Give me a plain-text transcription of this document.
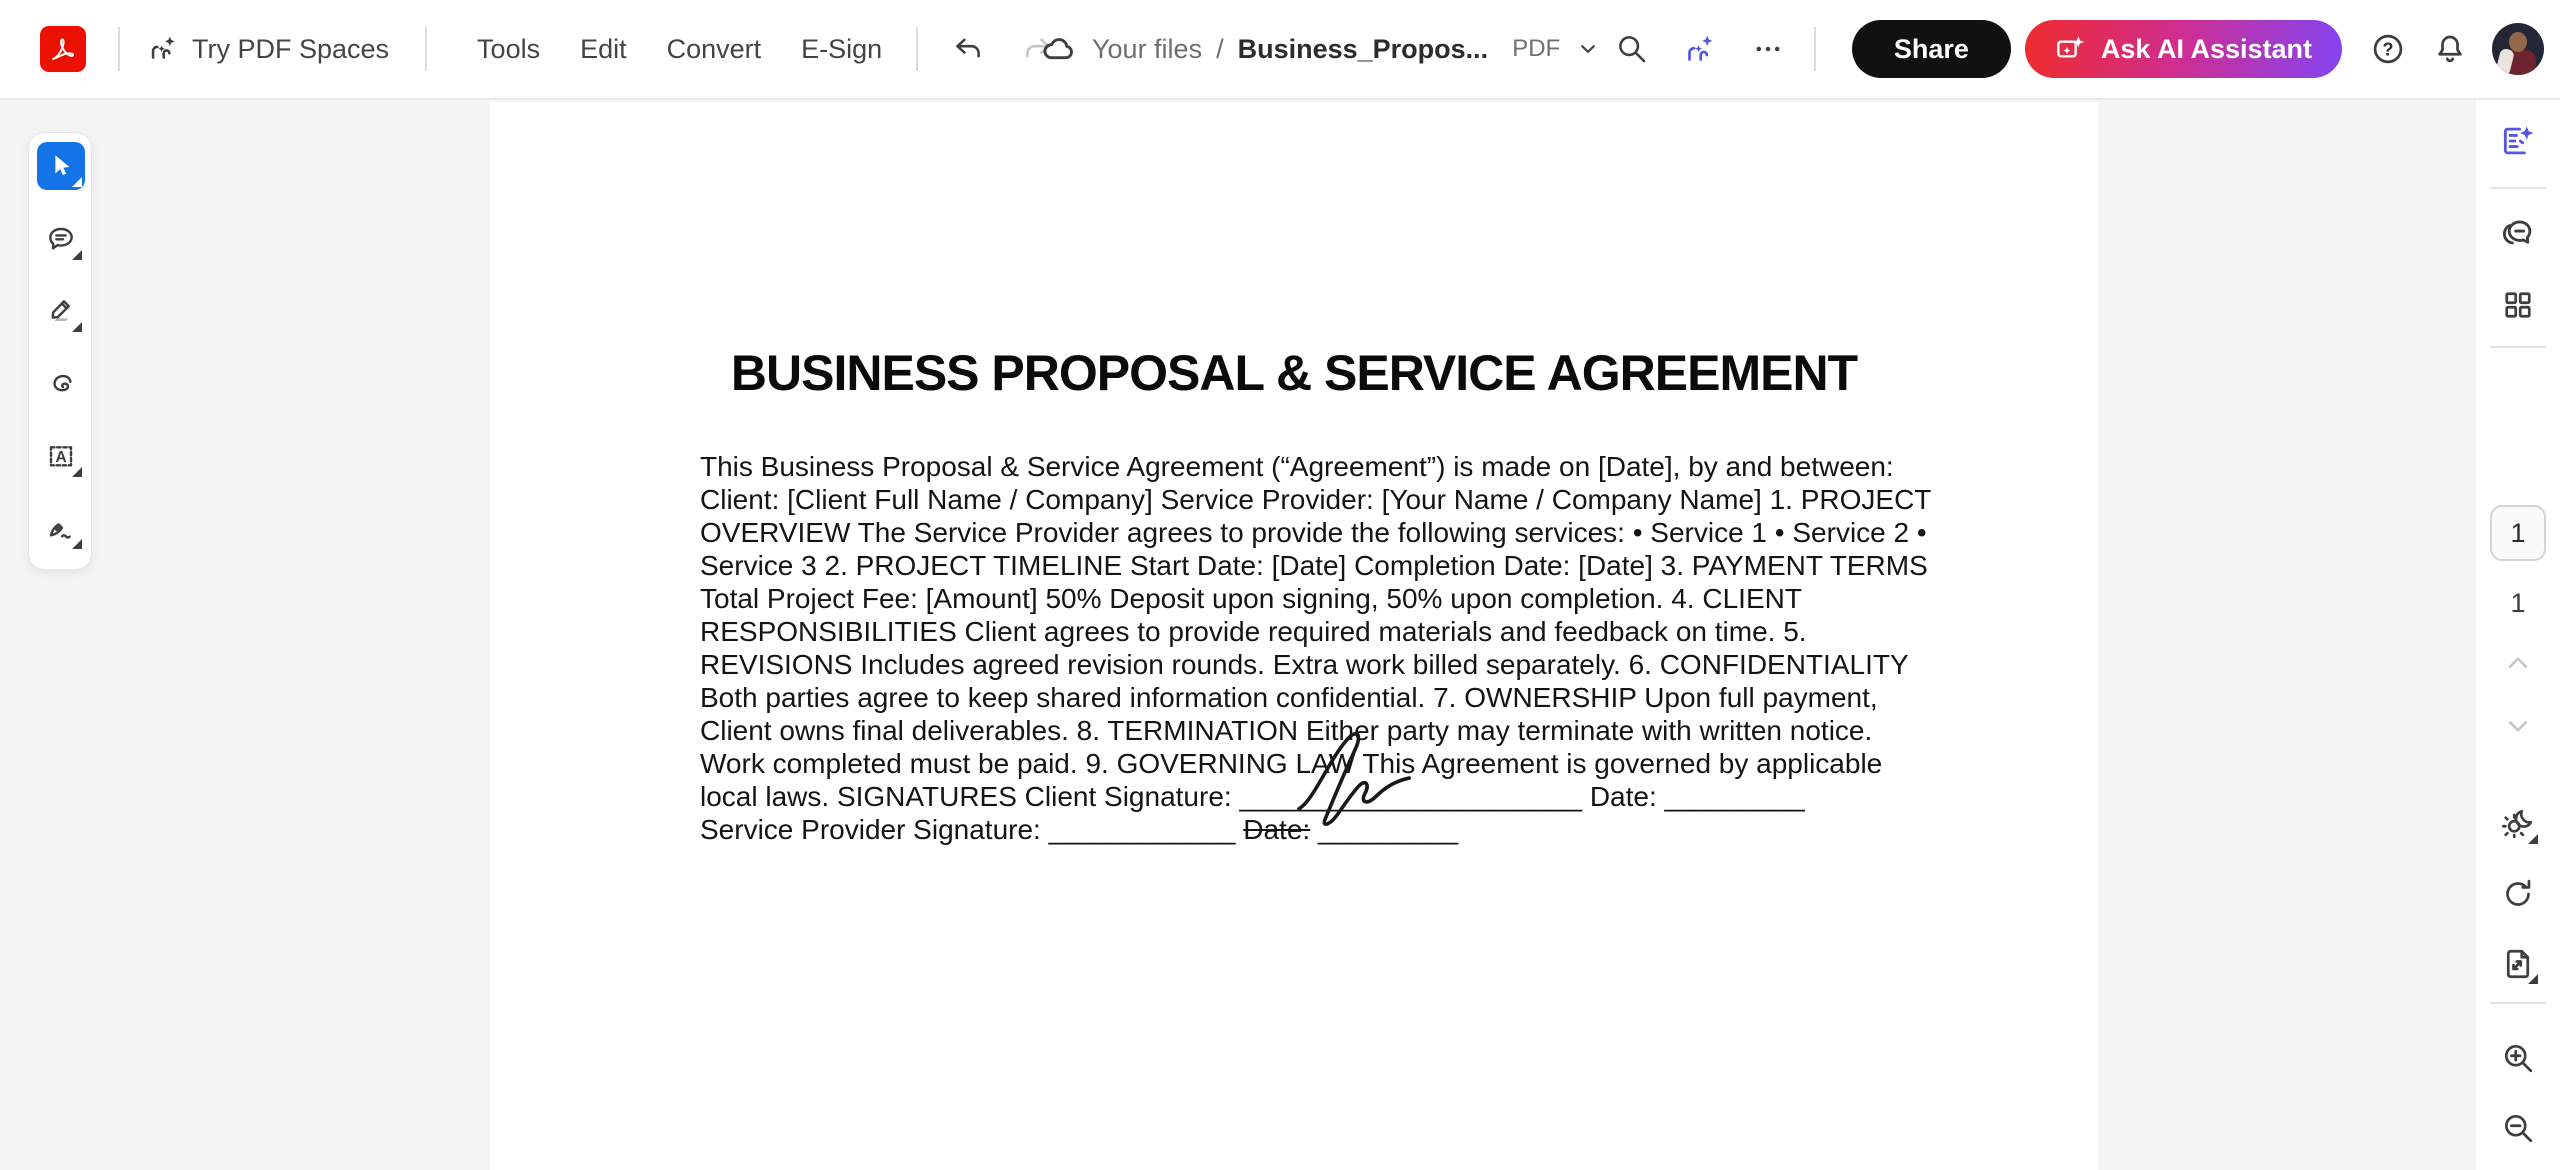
Try PDF Spaces	Tools	Edit	Convert	E-Sign	Your files / Business_Propos... PDF	Share	Ask AI Assistant	?
A
BUSINESS PROPOSAL & SERVICE AGREEMENT
This Business Proposal & Service Agreement (“Agreement”) is made on [Date], by and between:
Client: [Client Full Name / Company] Service Provider: [Your Name / Company Name] 1. PROJECT
OVERVIEW The Service Provider agrees to provide the following services: • Service 1 • Service 2 •
Service 3 2. PROJECT TIMELINE Start Date: [Date] Completion Date: [Date] 3. PAYMENT TERMS
Total Project Fee: [Amount] 50% Deposit upon signing, 50% upon completion. 4. CLIENT
RESPONSIBILITIES Client agrees to provide required materials and feedback on time. 5.
REVISIONS Includes agreed revision rounds. Extra work billed separately. 6. CONFIDENTIALITY
Both parties agree to keep shared information confidential. 7. OWNERSHIP Upon full payment,
Client owns final deliverables. 8. TERMINATION Either party may terminate with written notice.
Work completed must be paid. 9. GOVERNING LAW This Agreement is governed by applicable
local laws. SIGNATURES Client Signature: ______________________ Date: _________
Service Provider Signature: ____________ Date: _________
1
1
